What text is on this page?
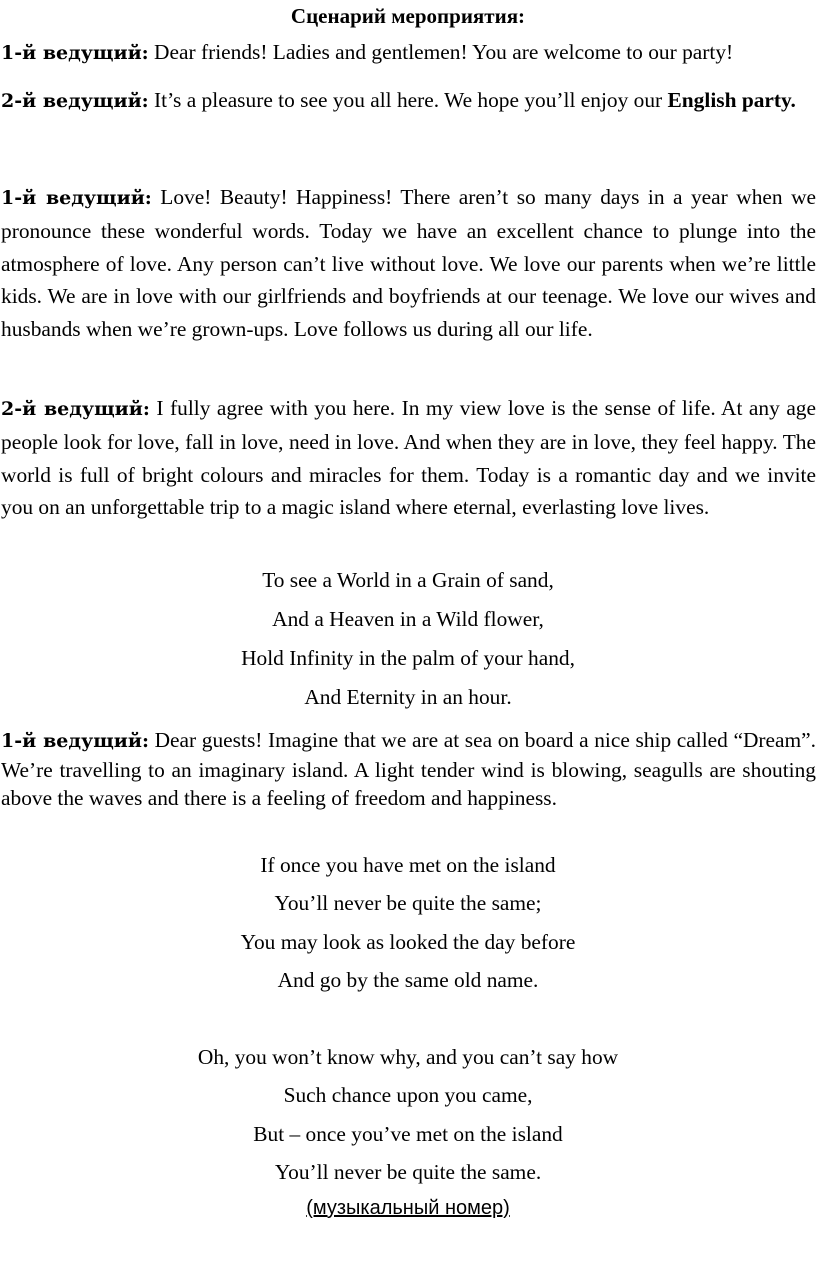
Сценарий мероприятия:

1-й ведущий: Dear friends! Ladies and gentlemen! You are welcome to our party!

2-й ведущий: It’s a pleasure to see you all here. We hope you’ll enjoy our English party.

1-й ведущий: Love! Beauty! Happiness! There aren’t so many days in a year when we pronounce these wonderful words. Today we have an excellent chance to plunge into the atmosphere of love. Any person can’t live without love. We love our parents when we’re little kids. We are in love with our girlfriends and boyfriends at our teenage. We love our wives and husbands when we’re grown-ups. Love follows us during all our life.

2-й ведущий: I fully agree with you here. In my view love is the sense of life. At any age people look for love, fall in love, need in love. And when they are in love, they feel happy. The world is full of bright colours and miracles for them. Today is a romantic day and we invite you on an unforgettable trip to a magic island where eternal, everlasting love lives.

To see a World in a Grain of sand,
And a Heaven in a Wild flower,
Hold Infinity in the palm of your hand,
And Eternity in an hour.

1-й ведущий: Dear guests! Imagine that we are at sea on board a nice ship called “Dream”. We’re travelling to an imaginary island. A light tender wind is blowing, seagulls are shouting above the waves and there is a feeling of freedom and happiness.

If once you have met on the island
You’ll never be quite the same;
You may look as looked the day before
And go by the same old name.
Oh, you won’t know why, and you can’t say how
Such chance upon you came,
But – once you’ve met on the island
You’ll never be quite the same.
(музыкальный номер)
